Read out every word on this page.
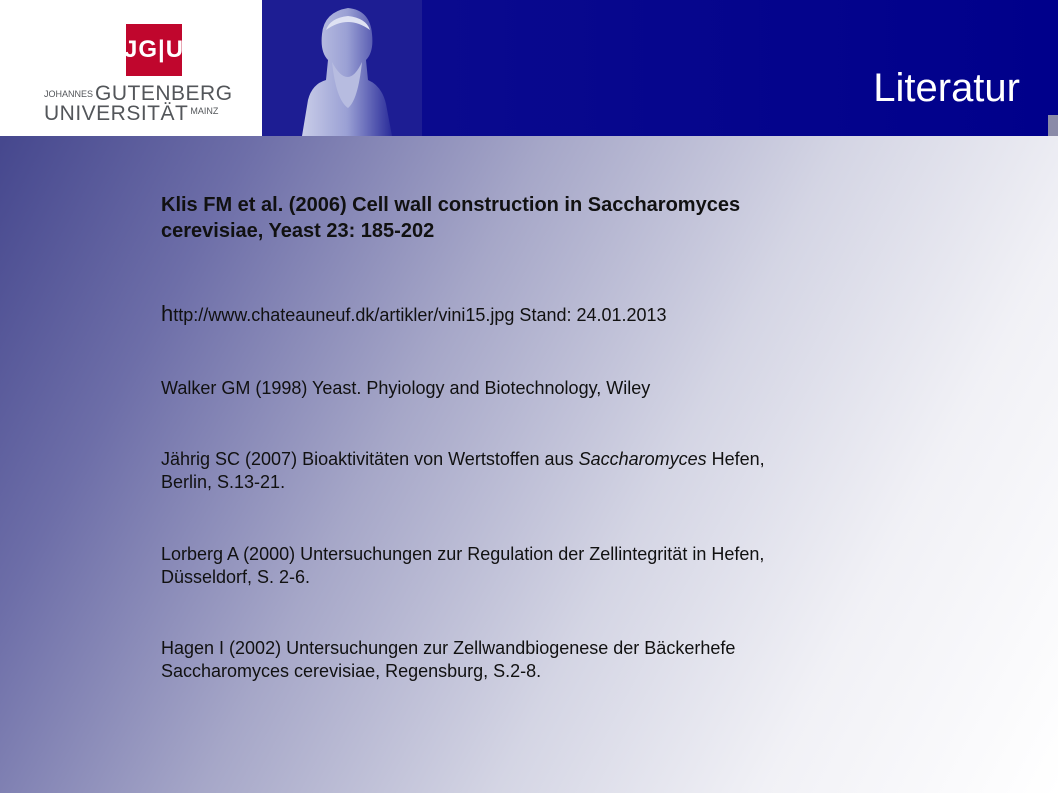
JG|U
JOHANNESGUTENBERG
UNIVERSITÄT $^{MAINZ}$
Literatur
Klis FM et al. (2006) Cell wall construction in Saccharomyces
cerevisiae, Yeast 23: 185-202
http://www.chateauneuf.dk/artikler/vini15.jpg Stand: 24.01.2013
Walker GM (1998) Yeast. Phyiology and Biotechnology, Wiley
Jährig SC (2007) Bioaktivitäten von Wertstoffen aus Saccharomyces Hefen,
Berlin, S.13-21.
Lorberg A (2000) Untersuchungen zur Regulation der Zellintegrität in Hefen,
Düsseldorf, S. 2-6.
Hagen I (2002) Untersuchungen zur Zellwandbiogenese der Bäckerhefe
Saccharomyces cerevisiae, Regensburg, S.2-8.
